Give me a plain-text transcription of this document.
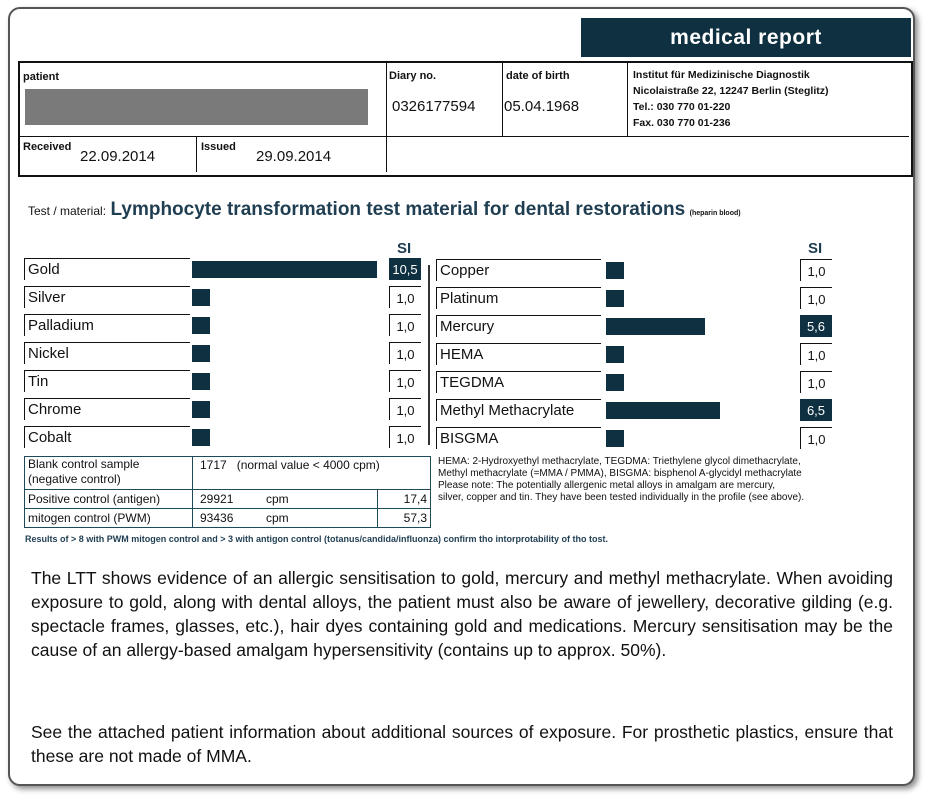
medical report
patient	Diary no.
0326177594
date of birth
05.04.1968
Institut für Medizinische Diagnostik
Nicolaistraße 22, 12247 Berlin (Steglitz)
Tel.: 030 770 01-220
Fax. 030 770 01-236
Received
22.09.2014
Issued
29.09.2014
Test / material: Lymphocyte transformation test material for dental restorations (heparin blood)
SI	SI
Gold	10,5
Silver	1,0
Palladium	1,0
Nickel	1,0
Tin	1,0
Chrome	1,0
Cobalt	1,0
Copper	1,0
Platinum	1,0
Mercury	5,6
HEMA	1,0
TEGDMA	1,0
Methyl Methacrylate	6,5
BISGMA	1,0
Blank control sample
(negative control)
1717   (normal value < 4000 cpm)
Positive control (antigen)	29921	cpm	17,4
mitogen control (PWM)	93436	cpm	57,3
HEMA: 2-Hydroxyethyl methacrylate, TEGDMA: Triethylene glycol dimethacrylate,
Methyl methacrylate (=MMA / PMMA), BISGMA: bisphenol A-glycidyl methacrylate
Please note: The potentially allergenic metal alloys in amalgam are mercury,
silver, copper and tin. They have been tested individually in the profile (see above).
Results of > 8 with PWM mitogen control and > 3 with antigon control (totanus/candida/influonza) confirm tho intorprotability of tho tost.
The LTT shows evidence of an allergic sensitisation to gold, mercury and methyl methacrylate. When avoiding exposure to gold, along with dental alloys, the patient must also be aware of jewellery, decorative gilding (e.g. spectacle frames, glasses, etc.), hair dyes containing gold and medications. Mercury sensitisation may be the cause of an allergy-based amalgam hypersensitivity (contains up to approx. 50%).
See the attached patient information about additional sources of exposure. For prosthetic plastics, ensure that these are not made of MMA.
